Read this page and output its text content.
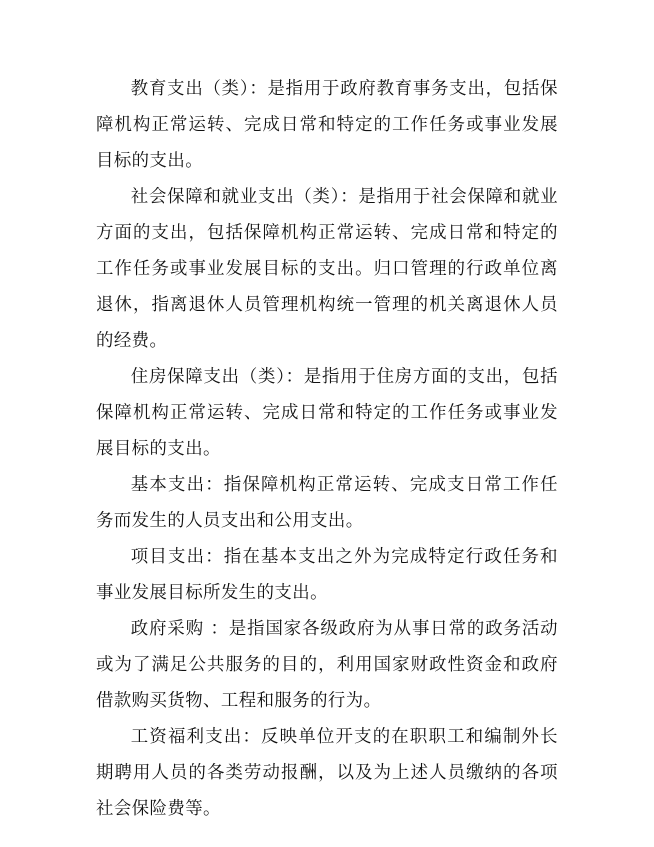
教育支出（类）：是指用于政府教育事务支出，包括保障机构正常运转、完成日常和特定的工作任务或事业发展目标的支出。

社会保障和就业支出（类）：是指用于社会保障和就业方面的支出，包括保障机构正常运转、完成日常和特定的工作任务或事业发展目标的支出。归口管理的行政单位离退休，指离退休人员管理机构统一管理的机关离退休人员的经费。

住房保障支出（类）：是指用于住房方面的支出，包括保障机构正常运转、完成日常和特定的工作任务或事业发展目标的支出。

基本支出：指保障机构正常运转、完成支日常工作任务而发生的人员支出和公用支出。

项目支出：指在基本支出之外为完成特定行政任务和事业发展目标所发生的支出。

政府采购 ：是指国家各级政府为从事日常的政务活动或为了满足公共服务的目的，利用国家财政性资金和政府借款购买货物、工程和服务的行为。

工资福利支出：反映单位开支的在职职工和编制外长期聘用人员的各类劳动报酬，以及为上述人员缴纳的各项社会保险费等。
